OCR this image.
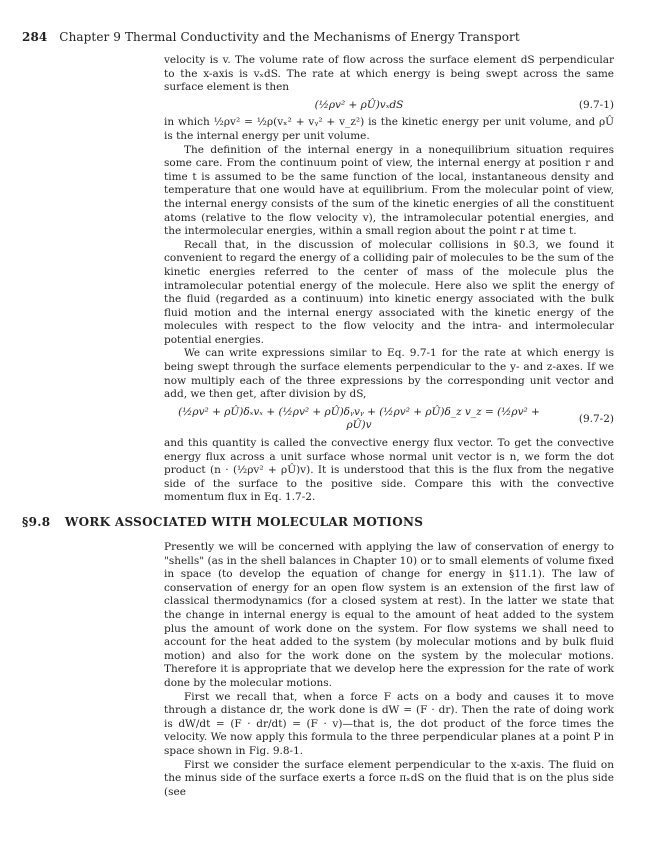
284 Chapter 9 Thermal Conductivity and the Mechanisms of Energy Transport

velocity is v. The volume rate of flow across the surface element dS perpendicular to the x-axis is vₓdS. The rate at which energy is being swept across the same surface element is then

(½ρv² + ρÛ)vₓdS	(9.7-1)

in which ½ρv² = ½ρ(vₓ² + vᵧ² + v_z²) is the kinetic energy per unit volume, and ρÛ is the internal energy per unit volume.

The definition of the internal energy in a nonequilibrium situation requires some care. From the continuum point of view, the internal energy at position r and time t is assumed to be the same function of the local, instantaneous density and temperature that one would have at equilibrium. From the molecular point of view, the internal energy consists of the sum of the kinetic energies of all the constituent atoms (relative to the flow velocity v), the intramolecular potential energies, and the intermolecular energies, within a small region about the point r at time t.

Recall that, in the discussion of molecular collisions in §0.3, we found it convenient to regard the energy of a colliding pair of molecules to be the sum of the kinetic energies referred to the center of mass of the molecule plus the intramolecular potential energy of the molecule. Here also we split the energy of the fluid (regarded as a continuum) into kinetic energy associated with the bulk fluid motion and the internal energy associated with the kinetic energy of the molecules with respect to the flow velocity and the intra- and intermolecular potential energies.

We can write expressions similar to Eq. 9.7-1 for the rate at which energy is being swept through the surface elements perpendicular to the y- and z-axes. If we now multiply each of the three expressions by the corresponding unit vector and add, we then get, after division by dS,

(½ρv² + ρÛ)δₓvₓ + (½ρv² + ρÛ)δᵧvᵧ + (½ρv² + ρÛ)δ_z v_z = (½ρv² + ρÛ)v
(9.7-2)

and this quantity is called the convective energy flux vector. To get the convective energy flux across a unit surface whose normal unit vector is n, we form the dot product (n · (½ρv² + ρÛ)v). It is understood that this is the flux from the negative side of the surface to the positive side. Compare this with the convective momentum flux in Eq. 1.7-2.

§9.8 WORK ASSOCIATED WITH MOLECULAR MOTIONS

Presently we will be concerned with applying the law of conservation of energy to "shells" (as in the shell balances in Chapter 10) or to small elements of volume fixed in space (to develop the equation of change for energy in §11.1). The law of conservation of energy for an open flow system is an extension of the first law of classical thermodynamics (for a closed system at rest). In the latter we state that the change in internal energy is equal to the amount of heat added to the system plus the amount of work done on the system. For flow systems we shall need to account for the heat added to the system (by molecular motions and by bulk fluid motion) and also for the work done on the system by the molecular motions. Therefore it is appropriate that we develop here the expression for the rate of work done by the molecular motions.

First we recall that, when a force F acts on a body and causes it to move through a distance dr, the work done is dW = (F · dr). Then the rate of doing work is dW/dt = (F · dr/dt) = (F · v)—that is, the dot product of the force times the velocity. We now apply this formula to the three perpendicular planes at a point P in space shown in Fig. 9.8-1.

First we consider the surface element perpendicular to the x-axis. The fluid on the minus side of the surface exerts a force πₓdS on the fluid that is on the plus side (see
